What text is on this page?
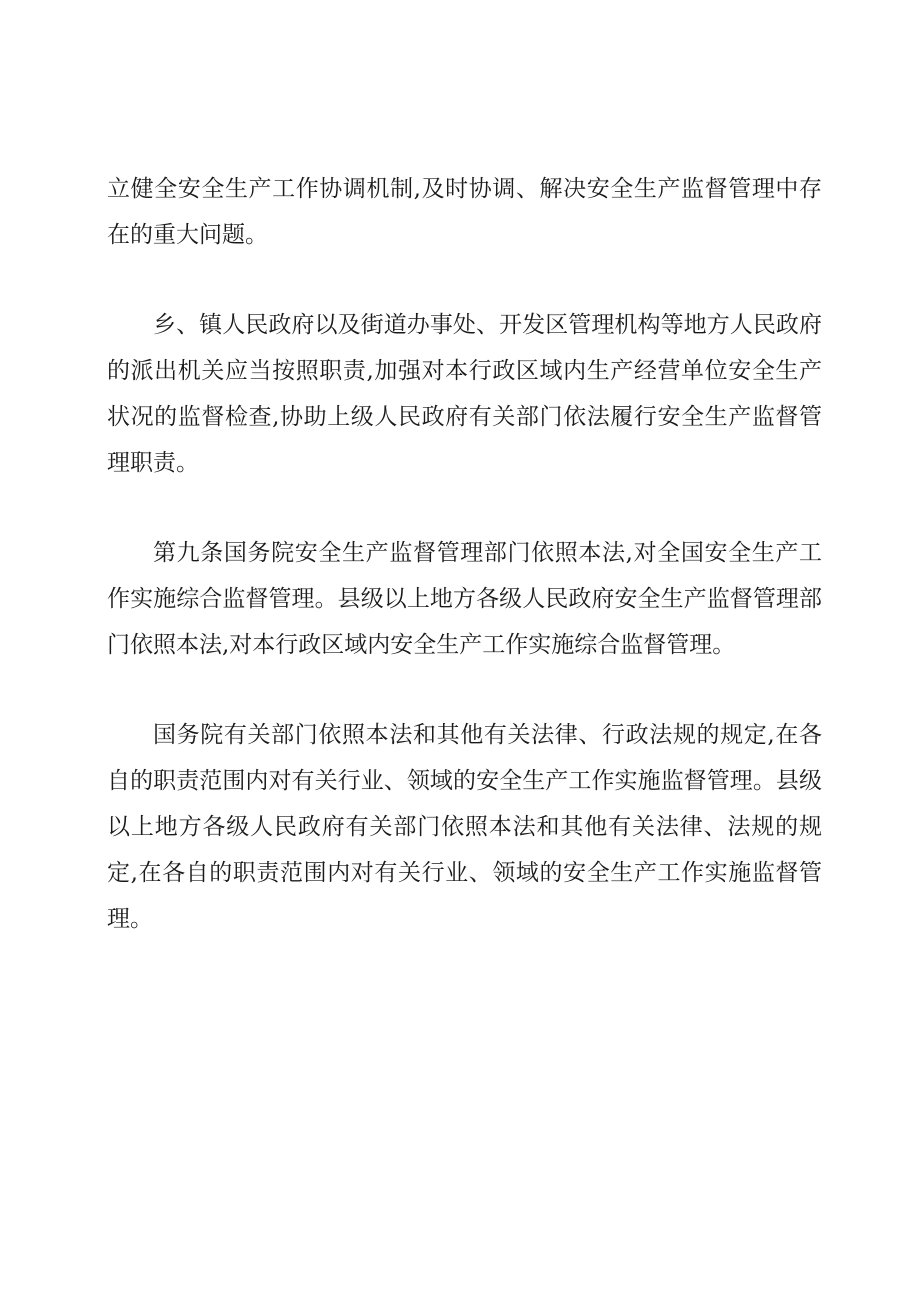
立健全安全生产工作协调机制,及时协调、解决安全生产监督管理中存在的重大问题。

乡、镇人民政府以及街道办事处、开发区管理机构等地方人民政府的派出机关应当按照职责,加强对本行政区域内生产经营单位安全生产状况的监督检查,协助上级人民政府有关部门依法履行安全生产监督管理职责。

第九条国务院安全生产监督管理部门依照本法,对全国安全生产工作实施综合监督管理。县级以上地方各级人民政府安全生产监督管理部门依照本法,对本行政区域内安全生产工作实施综合监督管理。

国务院有关部门依照本法和其他有关法律、行政法规的规定,在各自的职责范围内对有关行业、领域的安全生产工作实施监督管理。县级以上地方各级人民政府有关部门依照本法和其他有关法律、法规的规定,在各自的职责范围内对有关行业、领域的安全生产工作实施监督管理。
